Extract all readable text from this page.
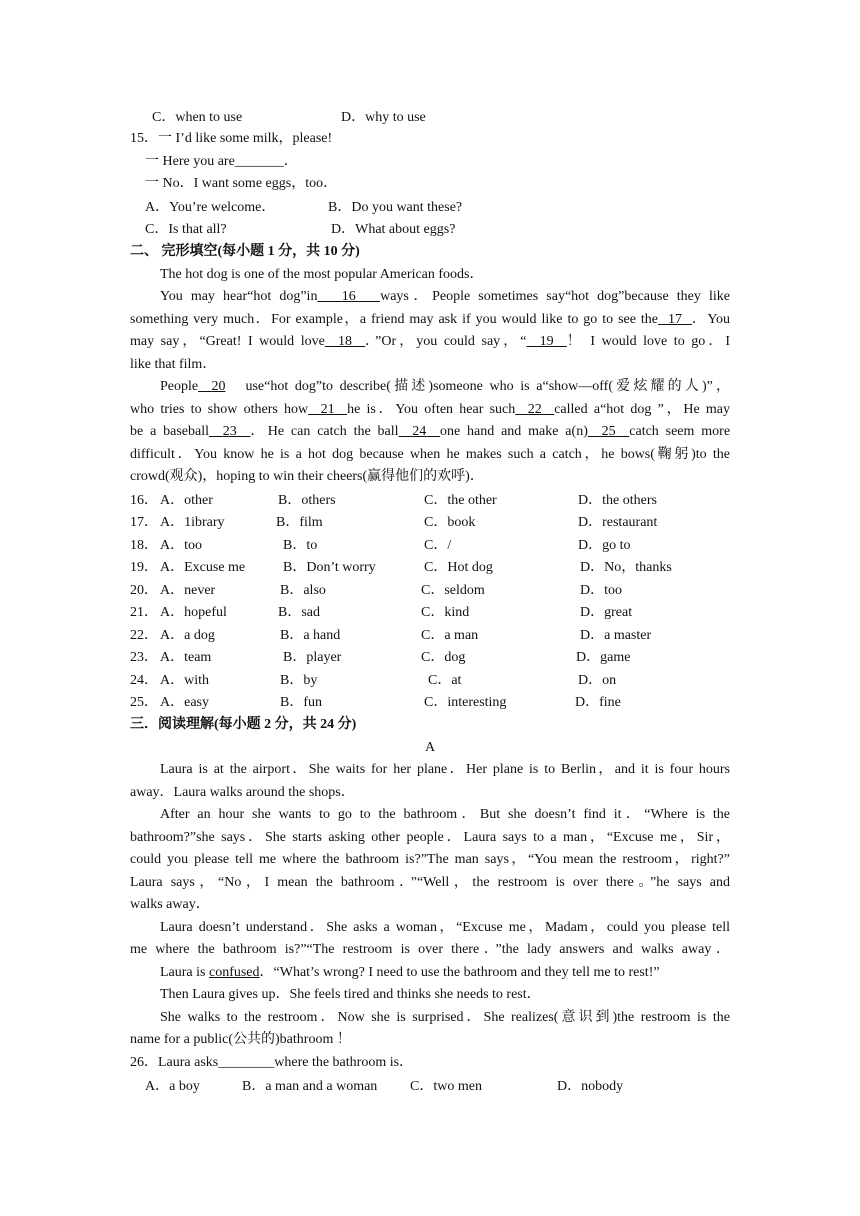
C．when to use	D．why to use
15．一 I’d like some milk，please!
一 Here you are_______．
一 No．I want some eggs，too．
A．You’re welcome．	B．Do you want these?
C．Is that all?	D．What about eggs?
二、 完形填空(每小题 1 分，共 10 分)
The hot dog is one of the most popular American foods．
You may hear“hot dog”in 16 ways．People sometimes say“hot dog”because they like
something very much．For example，a friend may ask if you would like to go to see the 17 ．You
may say，“Great! I would love 18 ．”Or，you could say，“ 19 ！ I would love to go．I
like that film．
People 20 use“hot dog”to describe(描述)someone who is a“show—off(爱炫耀的人)”，
who tries to show others how 21 he is．You often hear such 22 called a“hot dog ”，He may
be a baseball 23 ．He can catch the ball 24 one hand and make a(n) 25 catch seem more
difficult．You know he is a hot dog because when he makes such a catch，he bows(鞠躬)to the
crowd(观众)，hoping to win their cheers(赢得他们的欢呼)．
16． A．other	B．others	C．the other	D．the others
17． A．1ibrary	B．film	C．book	D．restaurant
18． A．too	B．to	C．/	D．go to
19． A．Excuse me	B．Don’t worry	C．Hot dog	D．No，thanks
20． A．never	B．also	C．seldom	D．too
21． A．hopeful	B．sad	C．kind	D．great
22． A．a dog	B．a hand	C．a man	D．a master
23． A．team	B．player	C．dog	D．game
24． A．with	B．by	C．at	D．on
25． A．easy	B．fun	C．interesting	D．fine
三．阅读理解(每小题 2 分，共 24 分)
A
Laura is at the airport．She waits for her plane．Her plane is to Berlin，and it is four hours
away．Laura walks around the shops．
After an hour she wants to go to the bathroom．But she doesn’t find it．“Where is the
bathroom?”she says．She starts asking other people．Laura says to a man，“Excuse me，Sir，
could you please tell me where the bathroom is?”The man says，“You mean the restroom，right?”
Laura says，“No，I mean the bathroom．”“Well，the restroom is over there。”he says and
walks away．
Laura doesn’t understand．She asks a woman，“Excuse me，Madam，could you please tell
me where the bathroom is?”“The restroom is over there．”the lady answers and walks away．
Laura is confused．“What’s wrong? I need to use the bathroom and they tell me to rest!”
Then Laura gives up．She feels tired and thinks she needs to rest．
She walks to the restroom．Now she is surprised．She realizes(意识到)the restroom is the
name for a public(公共的)bathroom ！
26．Laura asks________where the bathroom is．
A．a boy	B．a man and a woman C．two men	D．nobody
